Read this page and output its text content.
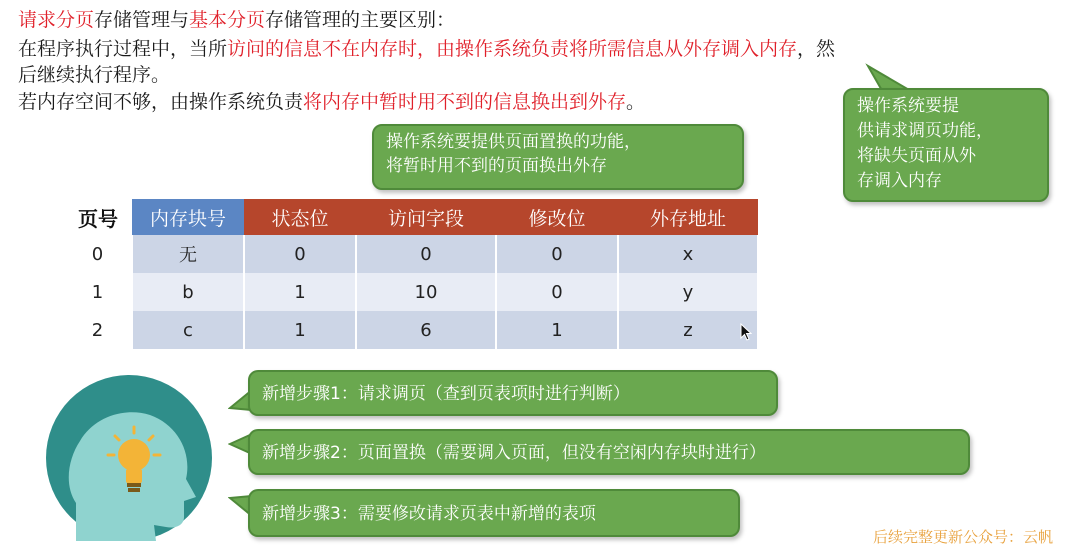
请求分页存储管理与基本分页存储管理的主要区别：
在程序执行过程中，当所访问的信息不在内存时，由操作系统负责将所需信息从外存调入内存，然
后继续执行程序。
若内存空间不够，由操作系统负责将内存中暂时用不到的信息换出到外存。
操作系统要提供页面置换的功能，
将暂时用不到的页面换出外存
操作系统要提
供请求调页功能，
将缺失页面从外
存调入内存
页号	内存块号	状态位	访问字段	修改位	外存地址
0	无	0	0	0	x
1	b	1	10	0	y
2	c	1	6	1	z
新增步骤1：请求调页（查到页表项时进行判断）
新增步骤2：页面置换（需要调入页面，但没有空闲内存块时进行）
新增步骤3：需要修改请求页表中新增的表项
后续完整更新公众号：云帆
